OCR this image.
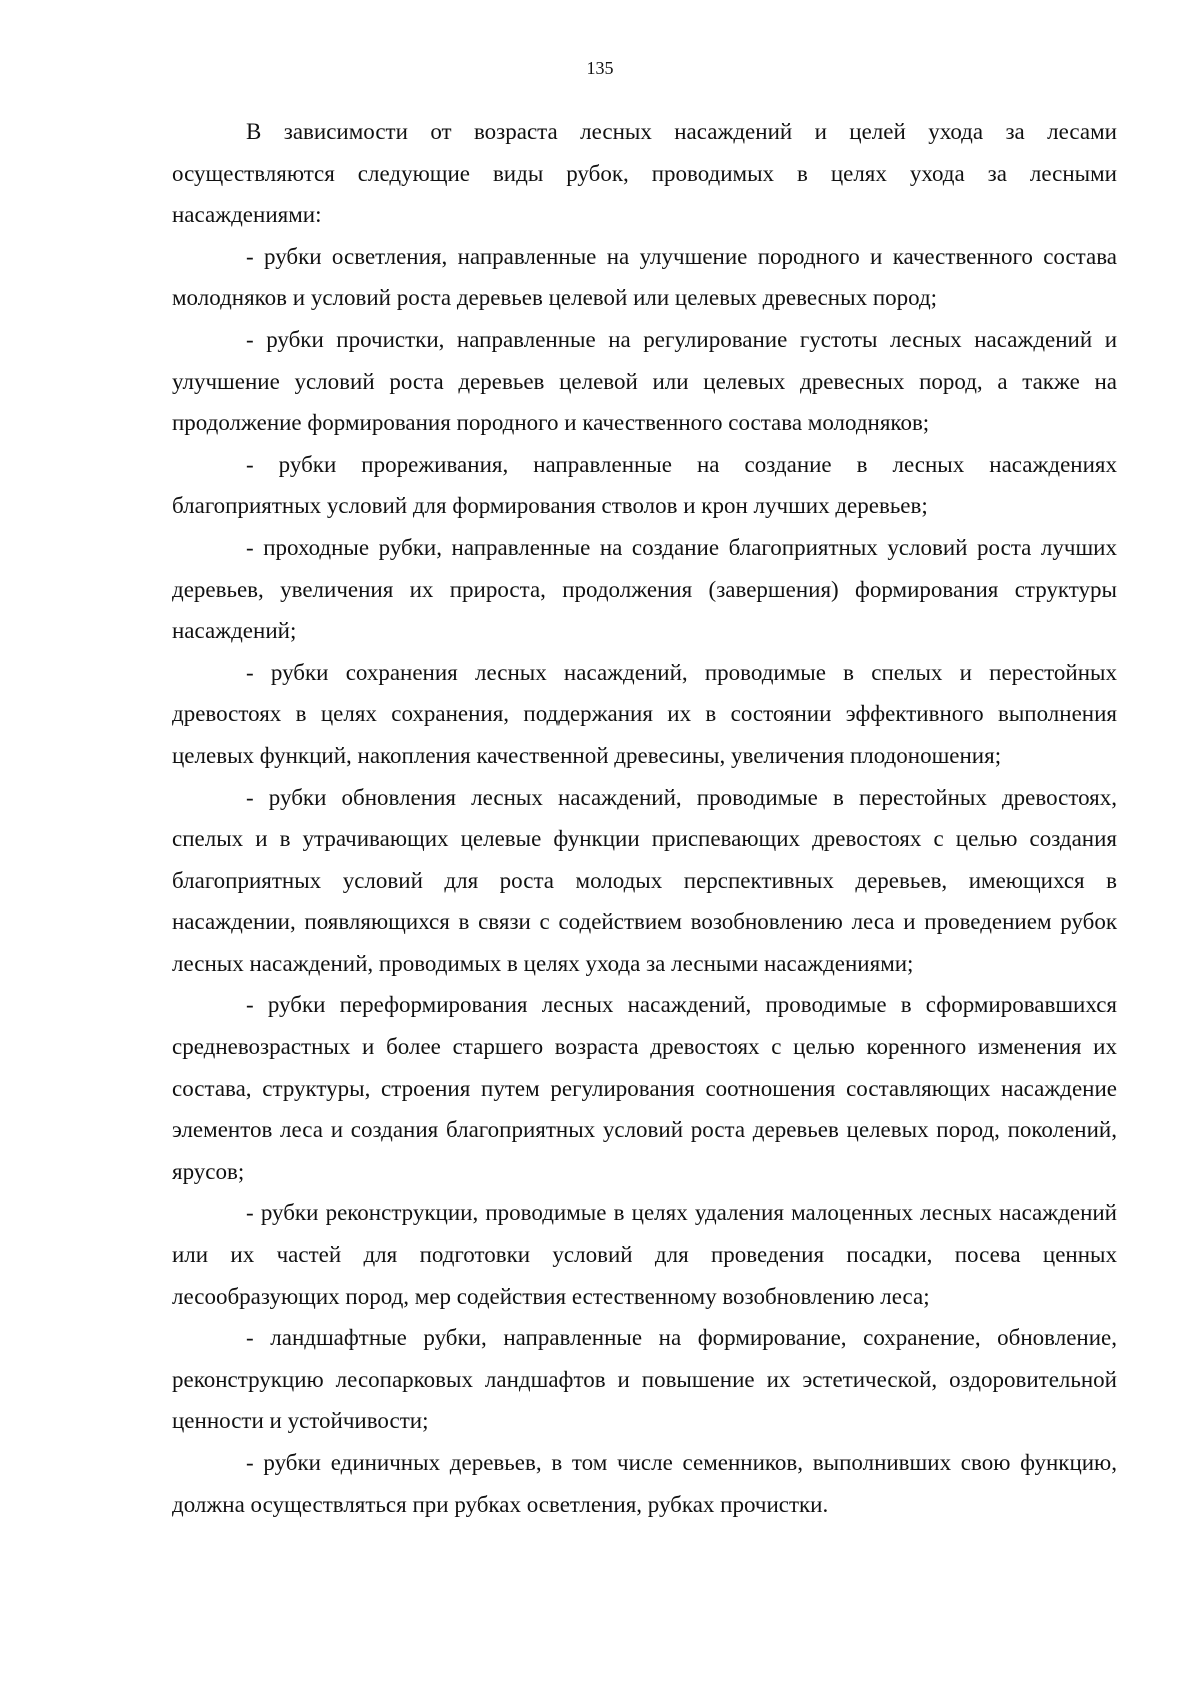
135

В зависимости от возраста лесных насаждений и целей ухода за лесами осуществляются следующие виды рубок, проводимых в целях ухода за лесными насаждениями:

- рубки осветления, направленные на улучшение породного и качественного состава молодняков и условий роста деревьев целевой или целевых древесных пород;

- рубки прочистки, направленные на регулирование густоты лесных насаждений и улучшение условий роста деревьев целевой или целевых древесных пород, а также на продолжение формирования породного и качественного состава молодняков;

- рубки прореживания, направленные на создание в лесных насаждениях благоприятных условий для формирования стволов и крон лучших деревьев;

- проходные рубки, направленные на создание благоприятных условий роста лучших деревьев, увеличения их прироста, продолжения (завершения) формирования структуры насаждений;

- рубки сохранения лесных насаждений, проводимые в спелых и перестойных древостоях в целях сохранения, поддержания их в состоянии эффективного выполнения целевых функций, накопления качественной древесины, увеличения плодоношения;

- рубки обновления лесных насаждений, проводимые в перестойных древостоях, спелых и в утрачивающих целевые функции приспевающих древостоях с целью создания благоприятных условий для роста молодых перспективных деревьев, имеющихся в насаждении, появляющихся в связи с содействием возобновлению леса и проведением рубок лесных насаждений, проводимых в целях ухода за лесными насаждениями;

- рубки переформирования лесных насаждений, проводимые в сформировавшихся средневозрастных и более старшего возраста древостоях с целью коренного изменения их состава, структуры, строения путем регулирования соотношения составляющих насаждение элементов леса и создания благоприятных условий роста деревьев целевых пород, поколений, ярусов;

- рубки реконструкции, проводимые в целях удаления малоценных лесных насаждений или их частей для подготовки условий для проведения посадки, посева ценных лесообразующих пород, мер содействия естественному возобновлению леса;

- ландшафтные рубки, направленные на формирование, сохранение, обновление, реконструкцию лесопарковых ландшафтов и повышение их эстетической, оздоровительной ценности и устойчивости;

- рубки единичных деревьев, в том числе семенников, выполнивших свою функцию, должна осуществляться при рубках осветления, рубках прочистки.
